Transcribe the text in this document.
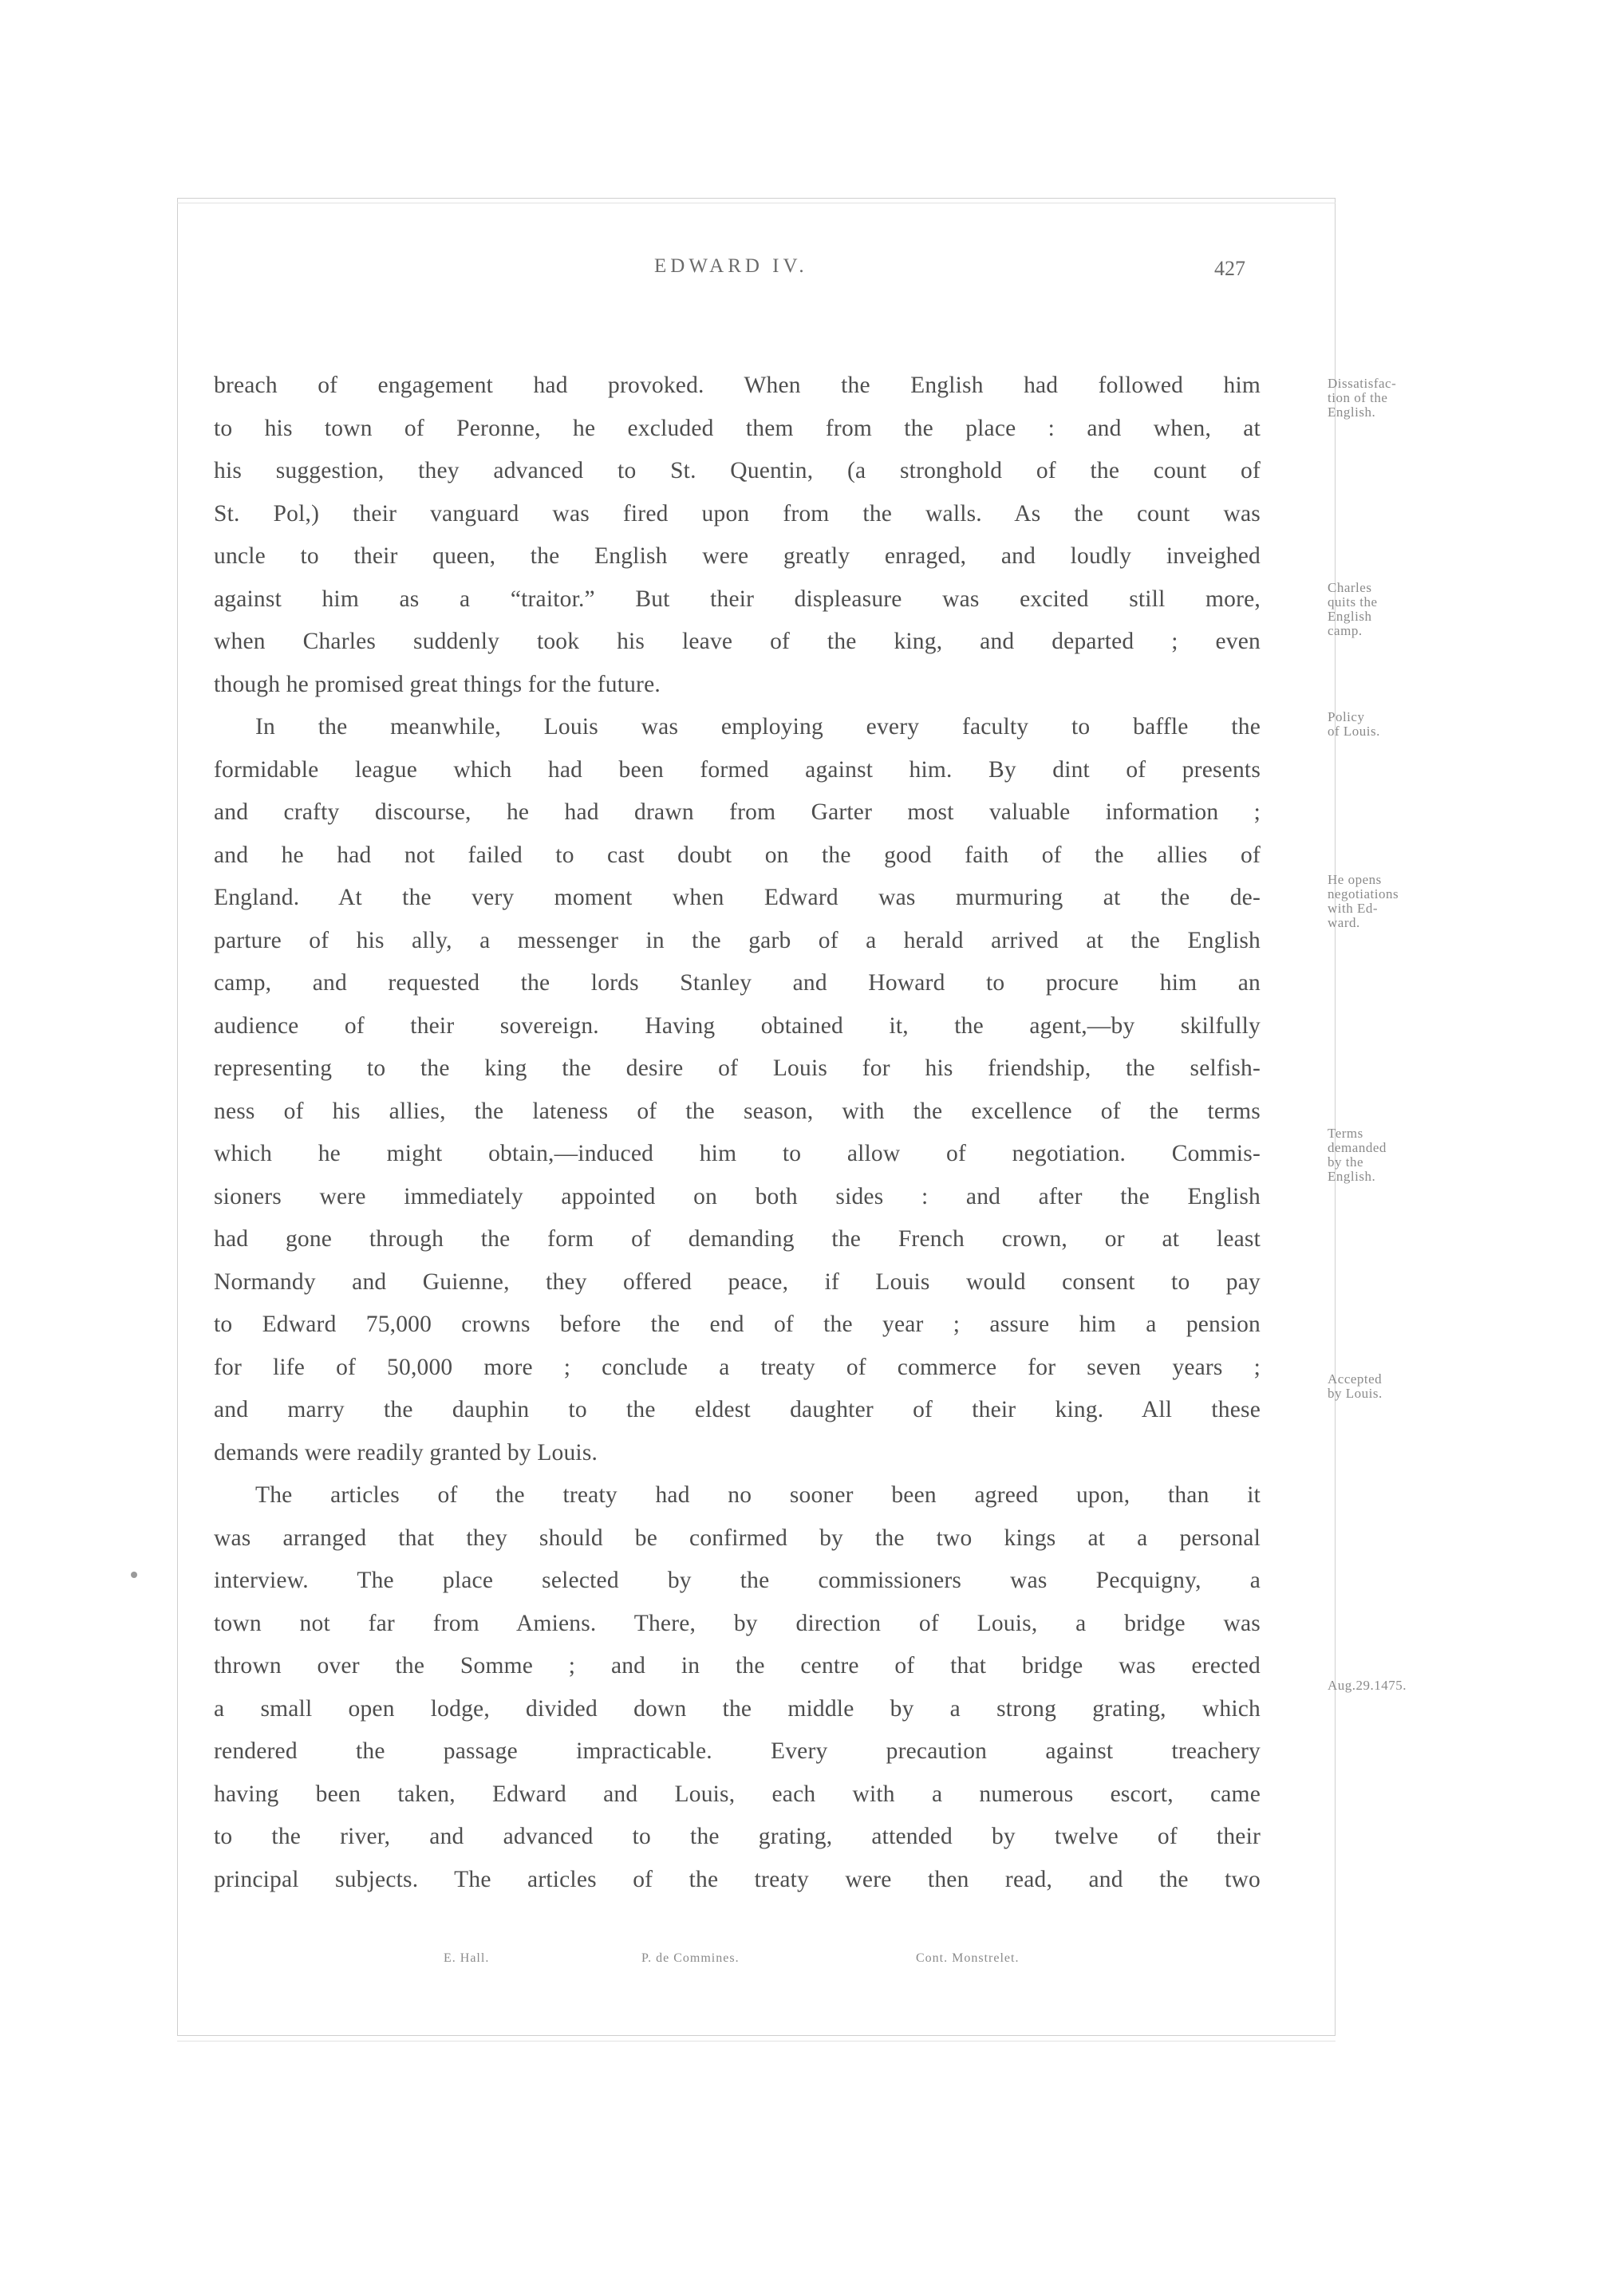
EDWARD IV.	427
breach of engagement had provoked. When the English had followed him
to his town of Peronne, he excluded them from the place : and when, at
his suggestion, they advanced to St. Quentin, (a stronghold of the count of
St. Pol,) their vanguard was fired upon from the walls. As the count was
uncle to their queen, the English were greatly enraged, and loudly inveighed
against him as a “traitor.” But their displeasure was excited still more,
when Charles suddenly took his leave of the king, and departed ; even
though he promised great things for the future.
In the meanwhile, Louis was employing every faculty to baffle the
formidable league which had been formed against him. By dint of presents
and crafty discourse, he had drawn from Garter most valuable information ;
and he had not failed to cast doubt on the good faith of the allies of
England. At the very moment when Edward was murmuring at the de-
parture of his ally, a messenger in the garb of a herald arrived at the English
camp, and requested the lords Stanley and Howard to procure him an
audience of their sovereign. Having obtained it, the agent,—by skilfully
representing to the king the desire of Louis for his friendship, the selfish-
ness of his allies, the lateness of the season, with the excellence of the terms
which he might obtain,—induced him to allow of negotiation. Commis-
sioners were immediately appointed on both sides : and after the English
had gone through the form of demanding the French crown, or at least
Normandy and Guienne, they offered peace, if Louis would consent to pay
to Edward 75,000 crowns before the end of the year ; assure him a pension
for life of 50,000 more ; conclude a treaty of commerce for seven years ;
and marry the dauphin to the eldest daughter of their king. All these
demands were readily granted by Louis.
The articles of the treaty had no sooner been agreed upon, than it
was arranged that they should be confirmed by the two kings at a personal
interview. The place selected by the commissioners was Pecquigny, a
town not far from Amiens. There, by direction of Louis, a bridge was
thrown over the Somme ; and in the centre of that bridge was erected
a small open lodge, divided down the middle by a strong grating, which
rendered the passage impracticable. Every precaution against treachery
having been taken, Edward and Louis, each with a numerous escort, came
to the river, and advanced to the grating, attended by twelve of their
principal subjects. The articles of the treaty were then read, and the two
Dissatisfac-
tion of the
English.
Charles
quits the
English
camp.
Policy
of Louis.
He opens
negotiations
with Ed-
ward.
Terms
demanded
by the
English.
Accepted
by Louis.
Aug.29.1475.
E. Hall.	P. de Commines.	Cont. Monstrelet.
